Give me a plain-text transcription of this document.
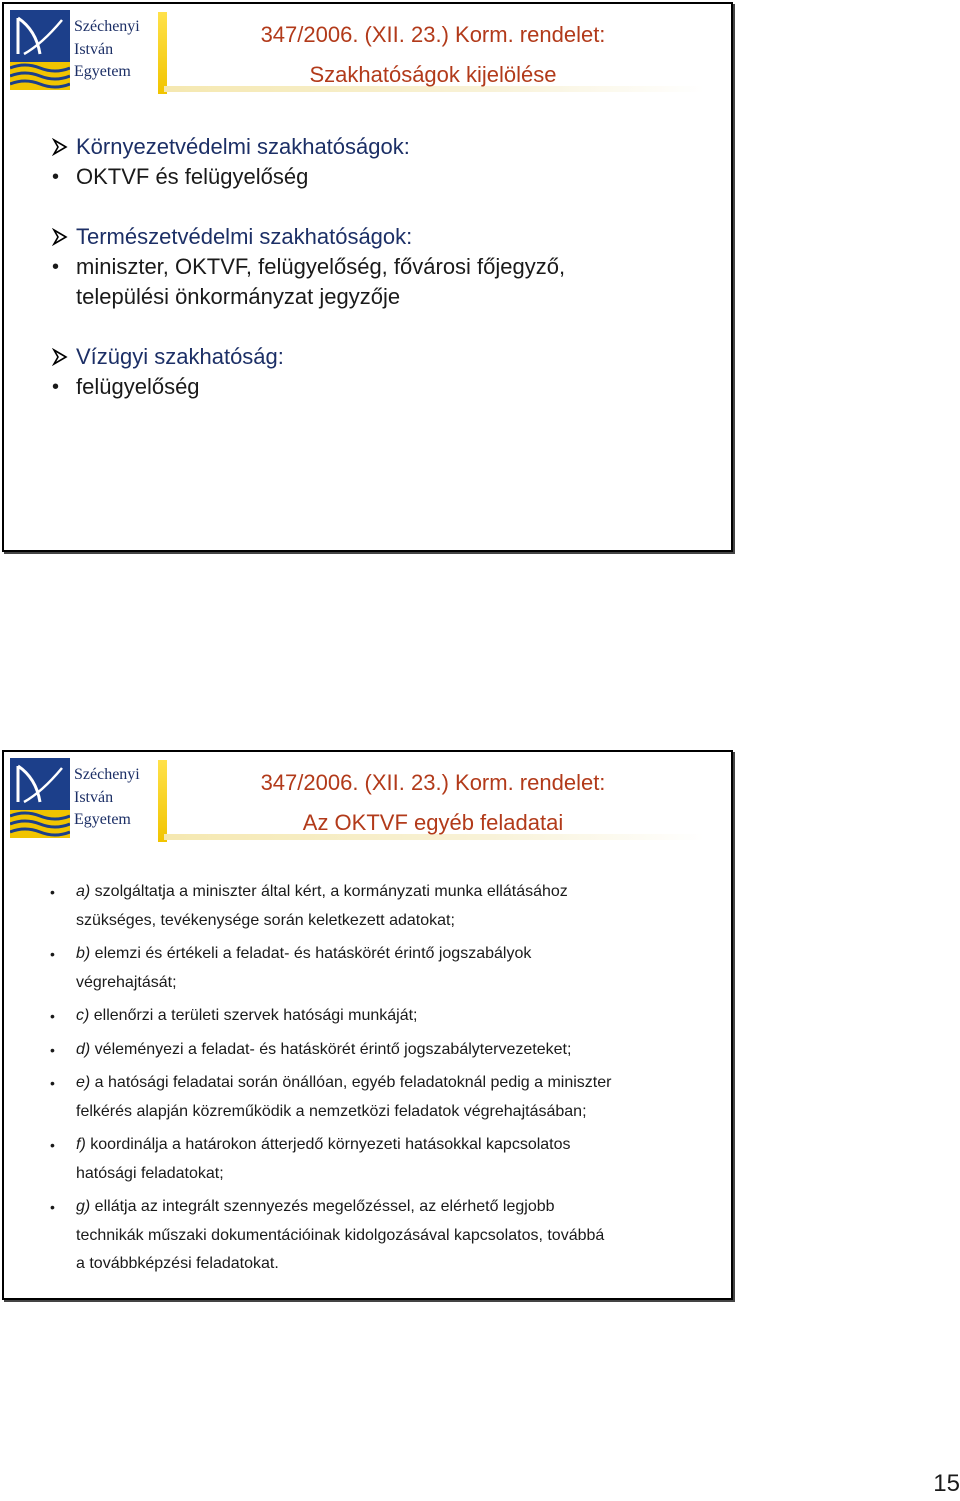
Széchenyi
István
Egyetem
347/2006. (XII. 23.) Korm. rendelet:
Szakhatóságok kijelölése
Környezetvédelmi szakhatóságok:
• OKTVF és felügyelőség
Természetvédelmi szakhatóságok:
• miniszter, OKTVF, felügyelőség, fővárosi főjegyző,
települési önkormányzat jegyzője
Vízügyi szakhatóság:
• felügyelőség
Széchenyi
István
Egyetem
347/2006. (XII. 23.) Korm. rendelet:
Az OKTVF egyéb feladatai
• a) szolgáltatja a miniszter által kért, a kormányzati munka ellátásához
szükséges, tevékenysége során keletkezett adatokat;
• b) elemzi és értékeli a feladat- és hatáskörét érintő jogszabályok
végrehajtását;
• c) ellenőrzi a területi szervek hatósági munkáját;
• d) véleményezi a feladat- és hatáskörét érintő jogszabálytervezeteket;
• e) a hatósági feladatai során önállóan, egyéb feladatoknál pedig a miniszter
felkérés alapján közreműködik a nemzetközi feladatok végrehajtásában;
• f) koordinálja a határokon átterjedő környezeti hatásokkal kapcsolatos
hatósági feladatokat;
• g) ellátja az integrált szennyezés megelőzéssel, az elérhető legjobb
technikák műszaki dokumentációinak kidolgozásával kapcsolatos, továbbá
a továbbképzési feladatokat.
15
